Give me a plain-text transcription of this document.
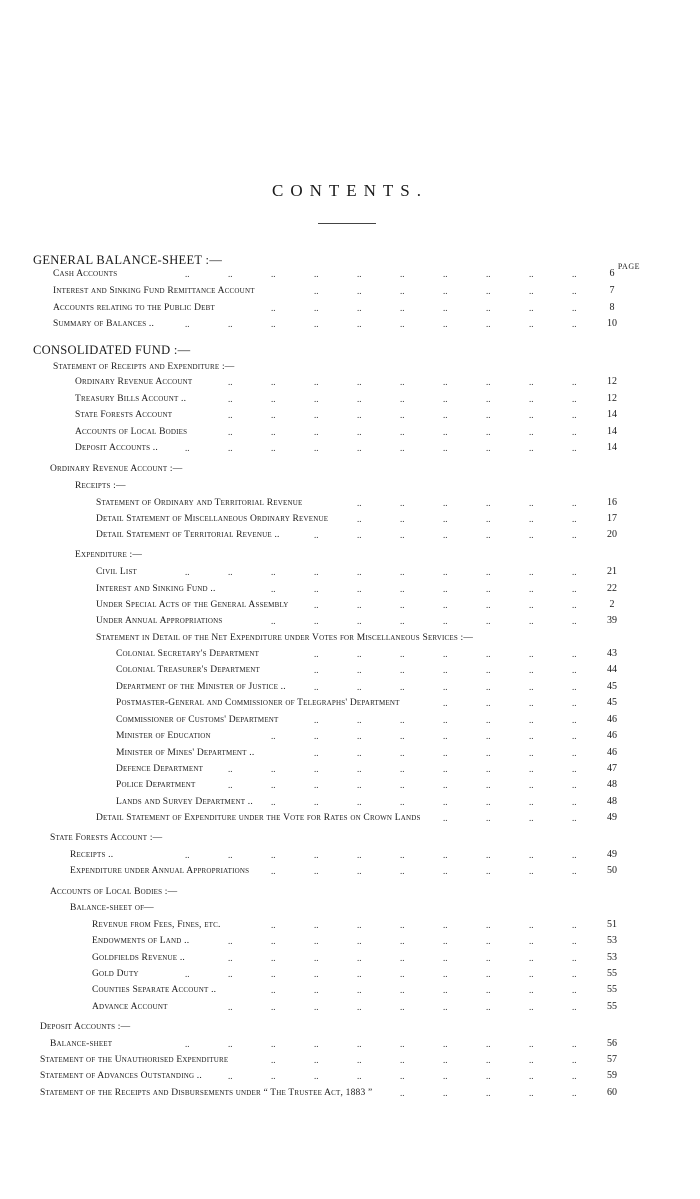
CONTENTS.
PAGE
GENERAL BALANCE-SHEET :—
Cash Accounts	6
..	..	..	..	..	..	..	..	..	..
Interest and Sinking Fund Remittance Account	7
..	..	..	..	..	..	..
Accounts relating to the Public Debt	8
..	..	..	..	..	..	..	..
Summary of Balances ..	10
..	..	..	..	..	..	..	..	..	..
CONSOLIDATED FUND :—
Statement of Receipts and Expenditure :—
Ordinary Revenue Account	12
..	..	..	..	..	..	..	..	..
Treasury Bills Account ..	12
..	..	..	..	..	..	..	..	..
State Forests Account	14
..	..	..	..	..	..	..	..	..
Accounts of Local Bodies	14
..	..	..	..	..	..	..	..	..
Deposit Accounts ..	14
..	..	..	..	..	..	..	..	..	..
Ordinary Revenue Account :—
Receipts :—
Statement of Ordinary and Territorial Revenue	16
..	..	..	..	..	..
Detail Statement of Miscellaneous Ordinary Revenue	17
..	..	..	..	..	..
Detail Statement of Territorial Revenue ..	20
..	..	..	..	..	..	..
Expenditure :—
Civil List	21
..	..	..	..	..	..	..	..	..	..
Interest and Sinking Fund ..	22
..	..	..	..	..	..	..	..
Under Special Acts of the General Assembly	2
..	..	..	..	..	..	..
Under Annual Appropriations	39
..	..	..	..	..	..	..	..
Statement in Detail of the Net Expenditure under Votes for Miscellaneous Services :—
Colonial Secretary's Department	43
..	..	..	..	..	..	..
Colonial Treasurer's Department	44
..	..	..	..	..	..	..
Department of the Minister of Justice ..	45
..	..	..	..	..	..	..
Postmaster-General and Commissioner of Telegraphs' Department	45
..	..	..	..
Commissioner of Customs' Department	46
..	..	..	..	..	..	..
Minister of Education	46
..	..	..	..	..	..	..	..
Minister of Mines' Department ..	46
..	..	..	..	..	..	..
Defence Department	47
..	..	..	..	..	..	..	..	..
Police Department	48
..	..	..	..	..	..	..	..	..
Lands and Survey Department ..	48
..	..	..	..	..	..	..	..
Detail Statement of Expenditure under the Vote for Rates on Crown Lands	49
..	..	..	..
State Forests Account :—
Receipts ..	49
..	..	..	..	..	..	..	..	..	..
Expenditure under Annual Appropriations	50
..	..	..	..	..	..	..	..
Accounts of Local Bodies :—
Balance-sheet of—
Revenue from Fees, Fines, etc.	51
..	..	..	..	..	..	..	..
Endowments of Land ..	53
..	..	..	..	..	..	..	..	..
Goldfields Revenue ..	53
..	..	..	..	..	..	..	..	..
Gold Duty	55
..	..	..	..	..	..	..	..	..	..
Counties Separate Account ..	55
..	..	..	..	..	..	..	..
Advance Account	55
..	..	..	..	..	..	..	..	..
Deposit Accounts :—
Balance-sheet	56
..	..	..	..	..	..	..	..	..	..
Statement of the Unauthorised Expenditure	57
..	..	..	..	..	..	..	..
Statement of Advances Outstanding ..	59
..	..	..	..	..	..	..	..	..
Statement of the Receipts and Disbursements under “ The Trustee Act, 1883 ”	60
..	..	..	..	..
